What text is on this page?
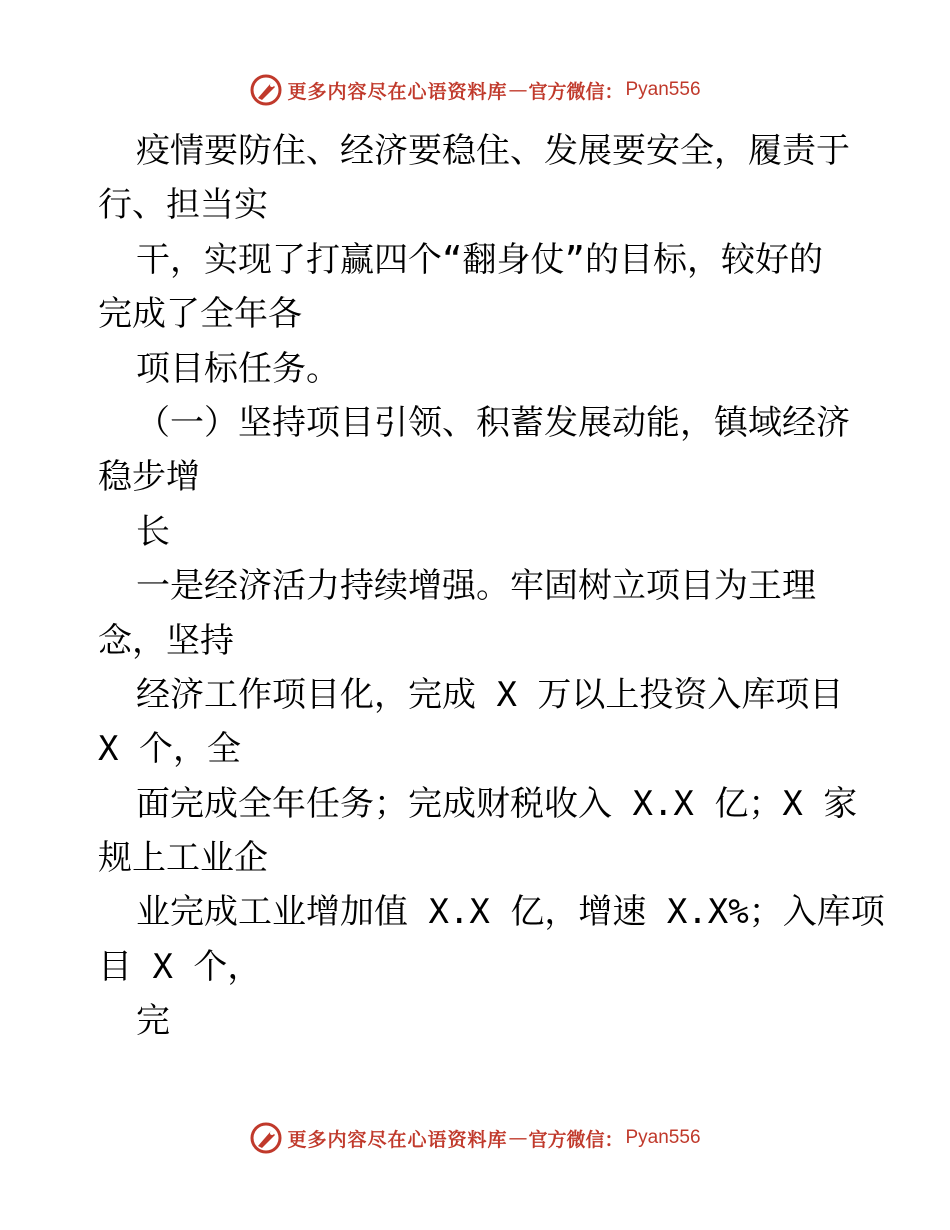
更多内容尽在心语资料库 — 官方微信： Pyan556
疫情要防住、经济要稳住、发展要安全，履责于
行、担当实
干，实现了打赢四个“翻身仗”的目标，较好的
完成了全年各
项目标任务。
（一）坚持项目引领、积蓄发展动能，镇域经济
稳步增
长
一是经济活力持续增强。牢固树立项目为王理
念，坚持
经济工作项目化，完成 X 万以上投资入库项目
X 个，全
面完成全年任务；完成财税收入 X.X 亿；X 家
规上工业企
业完成工业增加值 X.X 亿，增速 X.X%；入库项
目 X 个，
完
更多内容尽在心语资料库 — 官方微信： Pyan556
